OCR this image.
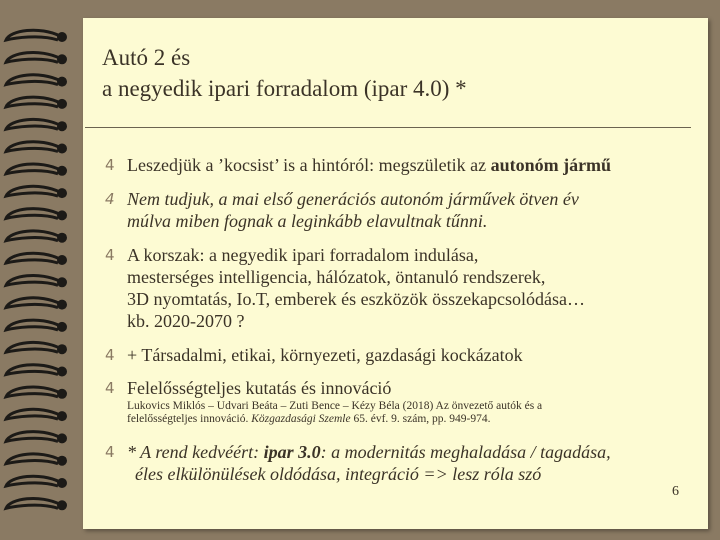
Autó 2 és
a negyedik ipari forradalom (ipar 4.0) *
4 Leszedjük a ’kocsist’ is a hintóról: megszületik az autonóm jármű
4 Nem tudjuk, a mai első generációs autonóm járművek ötven év
múlva miben fognak a leginkább elavultnak tűnni.
4 A korszak: a negyedik ipari forradalom indulása,
mesterséges intelligencia, hálózatok, öntanuló rendszerek,
3D nyomtatás, Io.T, emberek és eszközök összekapcsolódása…
kb. 2020-2070 ?
4 + Társadalmi, etikai, környezeti, gazdasági kockázatok
4 Felelősségteljes kutatás és innováció
Lukovics Miklós – Udvari Beáta – Zuti Bence – Kézy Béla (2018) Az önvezető autók és a
felelősségteljes innováció. Közgazdasági Szemle 65. évf. 9. szám, pp. 949-974.
4 * A rend kedvéért: ipar 3.0: a modernitás meghaladása / tagadása,
éles elkülönülések oldódása, integráció => lesz róla szó
6
